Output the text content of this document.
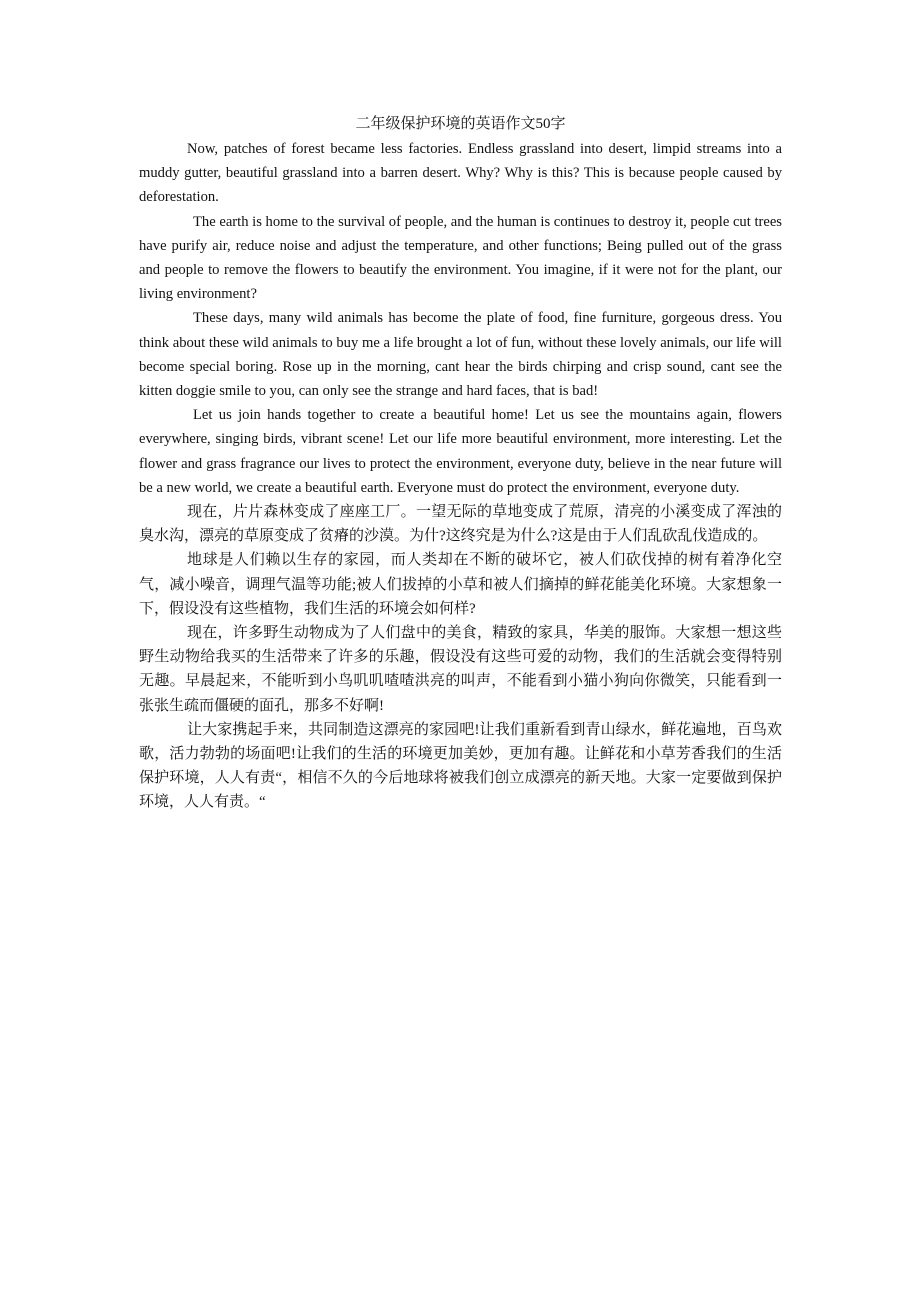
二年级保护环境的英语作文50字

Now, patches of forest became less factories. Endless grassland into desert, limpid streams into a muddy gutter, beautiful grassland into a barren desert. Why? Why is this? This is because people caused by deforestation.

The earth is home to the survival of people, and the human is continues to destroy it, people cut trees have purify air, reduce noise and adjust the temperature, and other functions; Being pulled out of the grass and people to remove the flowers to beautify the environment. You imagine, if it were not for the plant, our living environment?

These days, many wild animals has become the plate of food, fine furniture, gorgeous dress. You think about these wild animals to buy me a life brought a lot of fun, without these lovely animals, our life will become special boring. Rose up in the morning, cant hear the birds chirping and crisp sound, cant see the kitten doggie smile to you, can only see the strange and hard faces, that is bad!

Let us join hands together to create a beautiful home! Let us see the mountains again, flowers everywhere, singing birds, vibrant scene! Let our life more beautiful environment, more interesting. Let the flower and grass fragrance our lives to protect the environment, everyone duty, believe in the near future will be a new world, we create a beautiful earth. Everyone must do protect the environment, everyone duty.

现在，片片森林变成了座座工厂。一望无际的草地变成了荒原，清亮的小溪变成了浑浊的臭水沟，漂亮的草原变成了贫瘠的沙漠。为什?这终究是为什么?这是由于人们乱砍乱伐造成的。

地球是人们赖以生存的家园，而人类却在不断的破坏它，被人们砍伐掉的树有着净化空气，减小噪音，调理气温等功能;被人们拔掉的小草和被人们摘掉的鲜花能美化环境。大家想象一下，假设没有这些植物，我们生活的环境会如何样?

现在，许多野生动物成为了人们盘中的美食，精致的家具，华美的服饰。大家想一想这些野生动物给我买的生活带来了许多的乐趣，假设没有这些可爱的动物，我们的生活就会变得特别无趣。早晨起来，不能听到小鸟叽叽喳喳洪亮的叫声，不能看到小猫小狗向你微笑，只能看到一张张生疏而僵硬的面孔，那多不好啊!

让大家携起手来，共同制造这漂亮的家园吧!让我们重新看到青山绿水，鲜花遍地，百鸟欢歌，活力勃勃的场面吧!让我们的生活的环境更加美妙，更加有趣。让鲜花和小草芳香我们的生活保护环境，人人有责“，相信不久的今后地球将被我们创立成漂亮的新天地。大家一定要做到保护环境，人人有责。“
